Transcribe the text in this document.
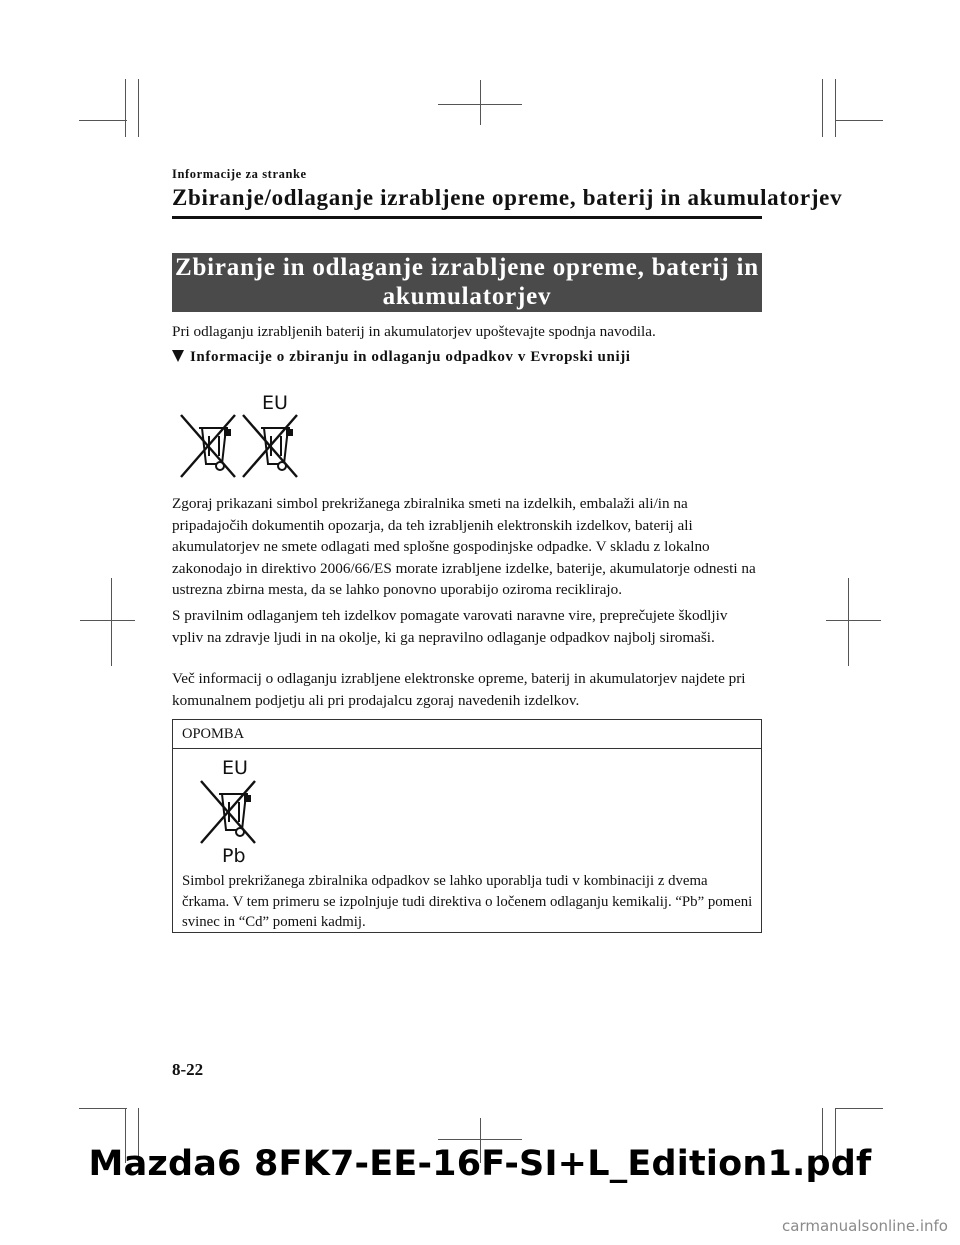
Informacije za stranke
Zbiranje/odlaganje izrabljene opreme, baterij in akumulatorjev
Zbiranje in odlaganje izrabljene opreme, baterij in
akumulatorjev
Pri odlaganju izrabljenih baterij in akumulatorjev upoštevajte spodnja navodila.
Informacije o zbiranju in odlaganju odpadkov v Evropski uniji
EU
Zgoraj prikazani simbol prekrižanega zbiralnika smeti na izdelkih, embalaži ali/in na pripadajočih dokumentih opozarja, da teh izrabljenih elektronskih izdelkov, baterij ali akumulatorjev ne smete odlagati med splošne gospodinjske odpadke. V skladu z lokalno zakonodajo in direktivo 2006/66/ES morate izrabljene izdelke, baterije, akumulatorje odnesti na ustrezna zbirna mesta, da se lahko ponovno uporabijo oziroma reciklirajo.
S pravilnim odlaganjem teh izdelkov pomagate varovati naravne vire, preprečujete škodljiv vpliv na zdravje ljudi in na okolje, ki ga nepravilno odlaganje odpadkov najbolj siromaši.
Več informacij o odlaganju izrabljene elektronske opreme, baterij in akumulatorjev najdete pri komunalnem podjetju ali pri prodajalcu zgoraj navedenih izdelkov.
OPOMBA
EU
Pb
Simbol prekrižanega zbiralnika odpadkov se lahko uporablja tudi v kombinaciji z dvema črkama. V tem primeru se izpolnjuje tudi direktiva o ločenem odlaganju kemikalij. “Pb” pomeni svinec in “Cd” pomeni kadmij.
8-22
Mazda6 8FK7-EE-16F-SI+L_Edition1.pdf
carmanualsonline.info
